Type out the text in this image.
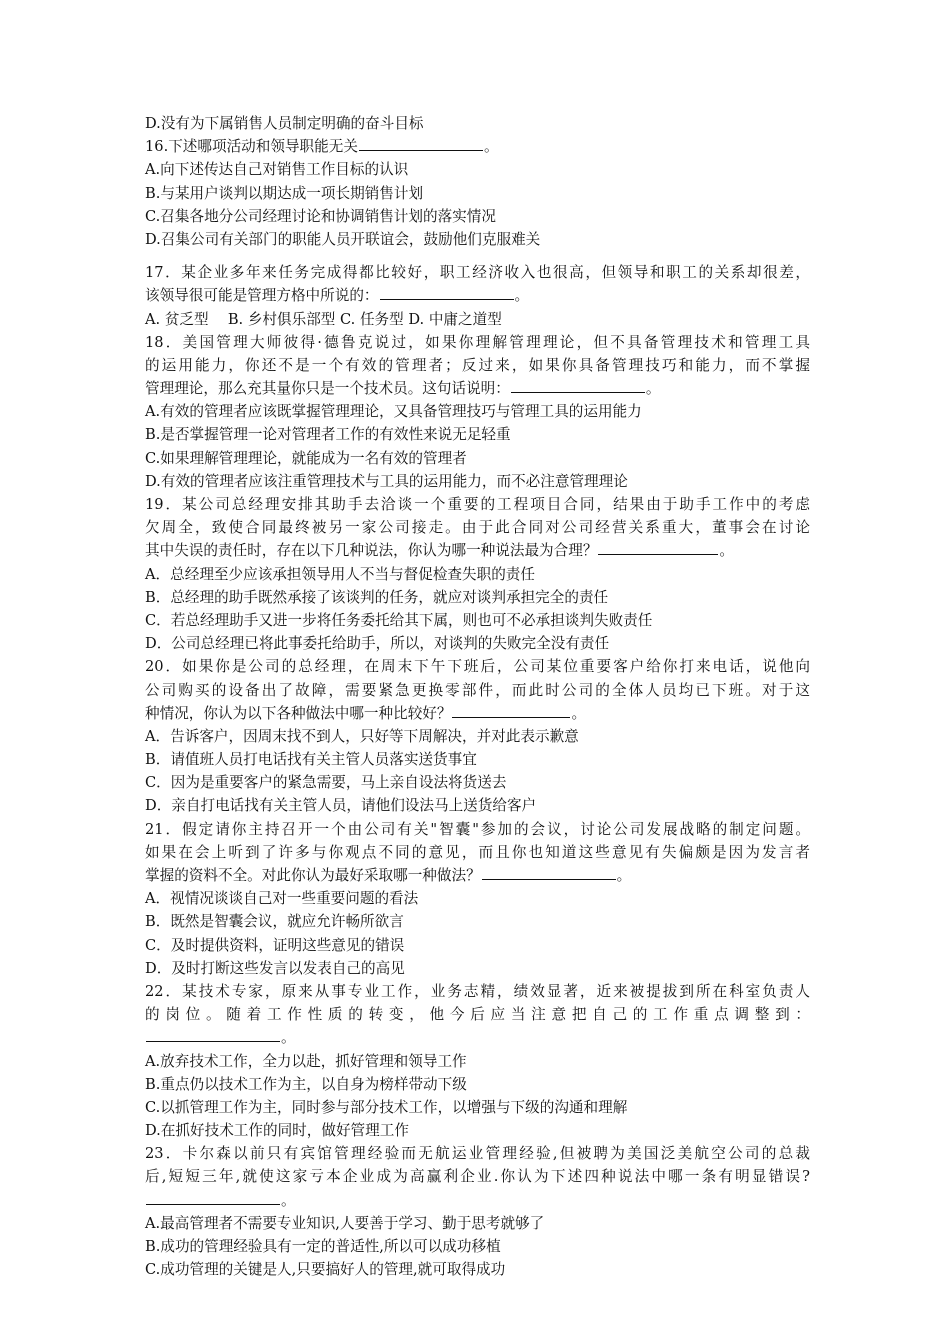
D.没有为下属销售人员制定明确的奋斗目标
16.下述哪项活动和领导职能无关	。
A.向下述传达自己对销售工作目标的认识
B.与某用户谈判以期达成一项长期销售计划
C.召集各地分公司经理讨论和协调销售计划的落实情况
D.召集公司有关部门的职能人员开联谊会，鼓励他们克服难关
17．某企业多年来任务完成得都比较好，职工经济收入也很高，但领导和职工的关系却很差，
该领导很可能是管理方格中所说的：	。
A. 贫乏型　 B. 乡村俱乐部型 C. 任务型 D. 中庸之道型
18．美国管理大师彼得·德鲁克说过，如果你理解管理理论，但不具备管理技术和管理工具
的运用能力，你还不是一个有效的管理者；反过来，如果你具备管理技巧和能力，而不掌握
管理理论，那么充其量你只是一个技术员。这句话说明：	。
A.有效的管理者应该既掌握管理理论，又具备管理技巧与管理工具的运用能力
B.是否掌握管理一论对管理者工作的有效性来说无足轻重
C.如果理解管理理论，就能成为一名有效的管理者
D.有效的管理者应该注重管理技术与工具的运用能力，而不必注意管理理论
19．某公司总经理安排其助手去洽谈一个重要的工程项目合同，结果由于助手工作中的考虑
欠周全，致使合同最终被另一家公司接走。由于此合同对公司经营关系重大，董事会在讨论
其中失误的责任时，存在以下几种说法，你认为哪一种说法最为合理？	。
A．总经理至少应该承担领导用人不当与督促检查失职的责任
B．总经理的助手既然承接了该谈判的任务，就应对谈判承担完全的责任
C．若总经理助手又进一步将任务委托给其下属，则也可不必承担谈判失败责任
D．公司总经理已将此事委托给助手，所以，对谈判的失败完全没有责任
20．如果你是公司的总经理，在周末下午下班后，公司某位重要客户给你打来电话，说他向
公司购买的设备出了故障，需要紧急更换零部件，而此时公司的全体人员均已下班。对于这
种情况，你认为以下各种做法中哪一种比较好？	。
A．告诉客户，因周末找不到人，只好等下周解决，并对此表示歉意
B．请值班人员打电话找有关主管人员落实送货事宜
C．因为是重要客户的紧急需要，马上亲自设法将货送去
D．亲自打电话找有关主管人员，请他们设法马上送货给客户
21．假定请你主持召开一个由公司有关"智囊"参加的会议，讨论公司发展战略的制定问题。
如果在会上听到了许多与你观点不同的意见，而且你也知道这些意见有失偏颇是因为发言者
掌握的资料不全。对此你认为最好采取哪一种做法？	。
A．视情况谈谈自己对一些重要问题的看法
B．既然是智囊会议，就应允许畅所欲言
C．及时提供资料，证明这些意见的错误
D．及时打断这些发言以发表自己的高见
22．某技术专家，原来从事专业工作，业务志精，绩效显著，近来被提拔到所在科室负责人
的岗位。随着工作性质的转变，他今后应当注意把自己的工作重点调整到：
。
A.放弃技术工作，全力以赴，抓好管理和领导工作
B.重点仍以技术工作为主，以自身为榜样带动下级
C.以抓管理工作为主，同时参与部分技术工作，以增强与下级的沟通和理解
D.在抓好技术工作的同时，做好管理工作
23．卡尔森以前只有宾馆管理经验而无航运业管理经验,但被聘为美国泛美航空公司的总裁
后,短短三年,就使这家亏本企业成为高赢利企业.你认为下述四种说法中哪一条有明显错误?
。
A.最高管理者不需要专业知识,人要善于学习、勤于思考就够了
B.成功的管理经验具有一定的普适性,所以可以成功移植
C.成功管理的关键是人,只要搞好人的管理,就可取得成功
